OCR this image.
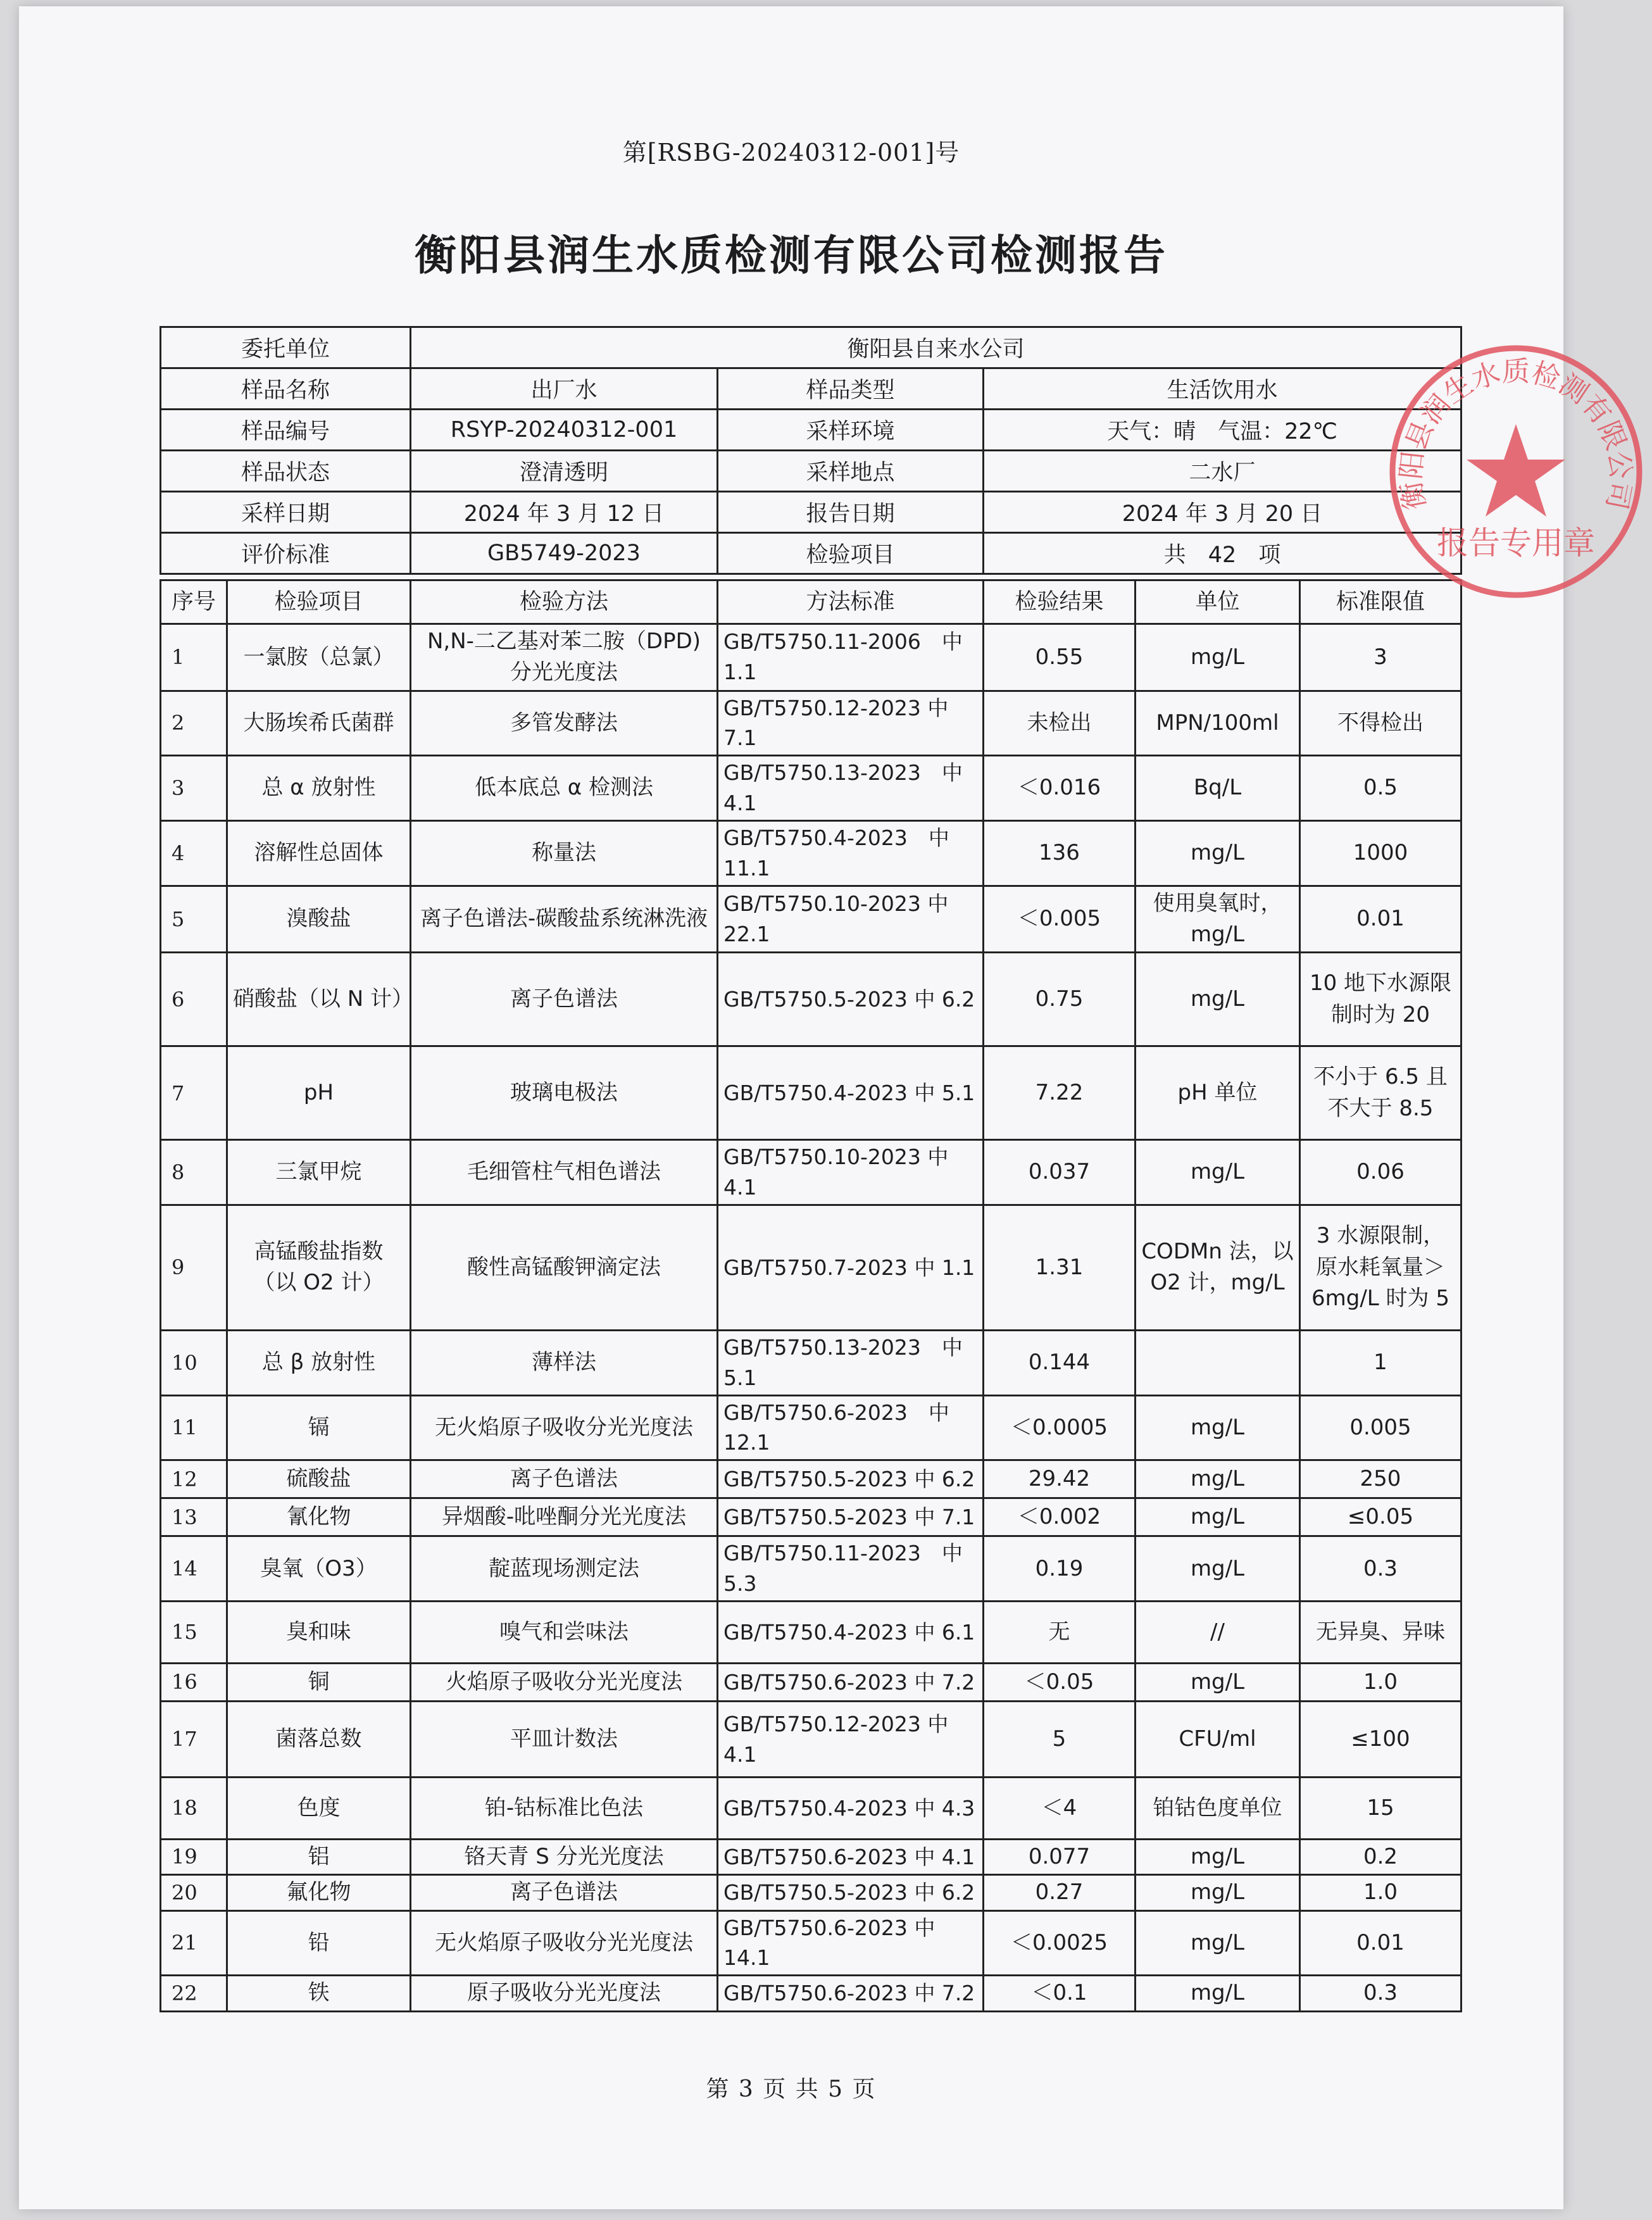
第[RSBG-20240312-001]号
衡阳县润生水质检测有限公司检测报告
委托单位	衡阳县自来水公司		
样品名称	出厂水	样品类型	生活饮用水
样品编号	RSYP-20240312-001	采样环境	天气：晴　气温：22℃
样品状态	澄清透明	采样地点	二水厂
采样日期	2024 年 3 月 12 日	报告日期	2024 年 3 月 20 日
评价标准	GB5749-2023	检验项目	共　42　项
序号	检验项目	检验方法	方法标准	检验结果	单位	标准限值
1	一氯胺（总氯）	N,N-二乙基对苯二胺（DPD)分光光度法	GB/T5750.11-2006　中 1.1	0.55	mg/L	3
2	大肠埃希氏菌群	多管发酵法	GB/T5750.12-2023 中 7.1	未检出	MPN/100ml	不得检出
3	总 α 放射性	低本底总 α 检测法	GB/T5750.13-2023　中 4.1	＜0.016	Bq/L	0.5
4	溶解性总固体	称量法	GB/T5750.4-2023　中 11.1	136	mg/L	1000
5	溴酸盐	离子色谱法-碳酸盐系统淋洗液	GB/T5750.10-2023 中 22.1	＜0.005	使用臭氧时，mg/L	0.01
6	硝酸盐（以 N 计）	离子色谱法	GB/T5750.5-2023 中 6.2	0.75	mg/L	10 地下水源限制时为 20
7	pH	玻璃电极法	GB/T5750.4-2023 中 5.1	7.22	pH 单位	不小于 6.5 且不大于 8.5
8	三氯甲烷	毛细管柱气相色谱法	GB/T5750.10-2023 中 4.1	0.037	mg/L	0.06
9	高锰酸盐指数（以 O2 计）	酸性高锰酸钾滴定法	GB/T5750.7-2023 中 1.1	1.31	CODMn 法，以 O2 计，mg/L	3 水源限制，原水耗氧量＞6mg/L 时为 5
10	总 β 放射性	薄样法	GB/T5750.13-2023　中 5.1	0.144		1
11	镉	无火焰原子吸收分光光度法	GB/T5750.6-2023　中 12.1	＜0.0005	mg/L	0.005
12	硫酸盐	离子色谱法	GB/T5750.5-2023 中 6.2	29.42	mg/L	250
13	氰化物	异烟酸-吡唑酮分光光度法	GB/T5750.5-2023 中 7.1	＜0.002	mg/L	≤0.05
14	臭氧（O3）	靛蓝现场测定法	GB/T5750.11-2023　中 5.3	0.19	mg/L	0.3
15	臭和味	嗅气和尝味法	GB/T5750.4-2023 中 6.1	无	//	无异臭、异味
16	铜	火焰原子吸收分光光度法	GB/T5750.6-2023 中 7.2	＜0.05	mg/L	1.0
17	菌落总数	平皿计数法	GB/T5750.12-2023 中 4.1	5	CFU/ml	≤100
18	色度	铂-钴标准比色法	GB/T5750.4-2023 中 4.3	＜4	铂钴色度单位	15
19	铝	铬天青 S 分光光度法	GB/T5750.6-2023 中 4.1	0.077	mg/L	0.2
20	氟化物	离子色谱法	GB/T5750.5-2023 中 6.2	0.27	mg/L	1.0
21	铅	无火焰原子吸收分光光度法	GB/T5750.6-2023 中 14.1	＜0.0025	mg/L	0.01
22	铁	原子吸收分光光度法	GB/T5750.6-2023 中 7.2	＜0.1	mg/L	0.3
衡阳县润生水质检测有限公司
报告专用章
第 3 页 共 5 页
